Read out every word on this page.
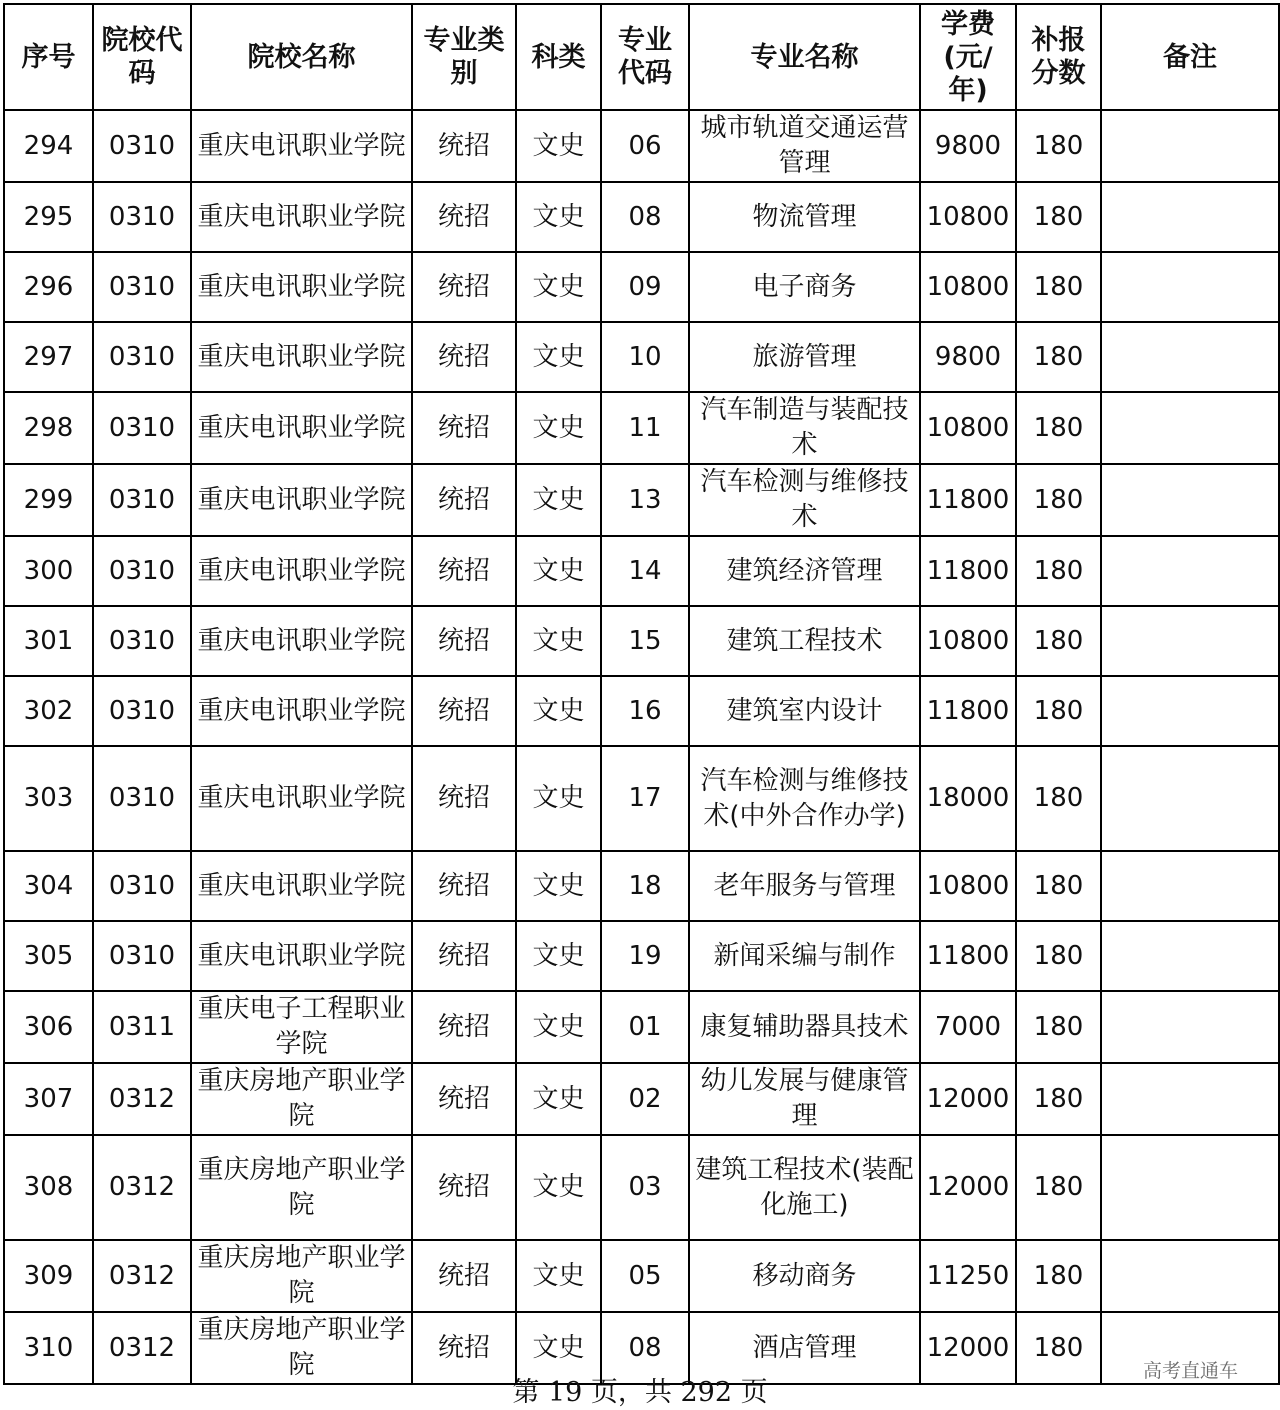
序号	院校代码	院校名称	专业类别	科类	专业代码	专业名称	学费(元/年)	补报分数	备注
294	0310	重庆电讯职业学院	统招	文史	06	城市轨道交通运营管理	9800	180	
295	0310	重庆电讯职业学院	统招	文史	08	物流管理	10800	180	
296	0310	重庆电讯职业学院	统招	文史	09	电子商务	10800	180	
297	0310	重庆电讯职业学院	统招	文史	10	旅游管理	9800	180	
298	0310	重庆电讯职业学院	统招	文史	11	汽车制造与装配技术	10800	180	
299	0310	重庆电讯职业学院	统招	文史	13	汽车检测与维修技术	11800	180	
300	0310	重庆电讯职业学院	统招	文史	14	建筑经济管理	11800	180	
301	0310	重庆电讯职业学院	统招	文史	15	建筑工程技术	10800	180	
302	0310	重庆电讯职业学院	统招	文史	16	建筑室内设计	11800	180	
303	0310	重庆电讯职业学院	统招	文史	17	汽车检测与维修技术(中外合作办学)	18000	180	
304	0310	重庆电讯职业学院	统招	文史	18	老年服务与管理	10800	180	
305	0310	重庆电讯职业学院	统招	文史	19	新闻采编与制作	11800	180	
306	0311	重庆电子工程职业学院	统招	文史	01	康复辅助器具技术	7000	180	
307	0312	重庆房地产职业学院	统招	文史	02	幼儿发展与健康管理	12000	180	
308	0312	重庆房地产职业学院	统招	文史	03	建筑工程技术(装配化施工)	12000	180	
309	0312	重庆房地产职业学院	统招	文史	05	移动商务	11250	180	
310	0312	重庆房地产职业学院	统招	文史	08	酒店管理	12000	180	
高考直通车
第 19 页，共 292 页
